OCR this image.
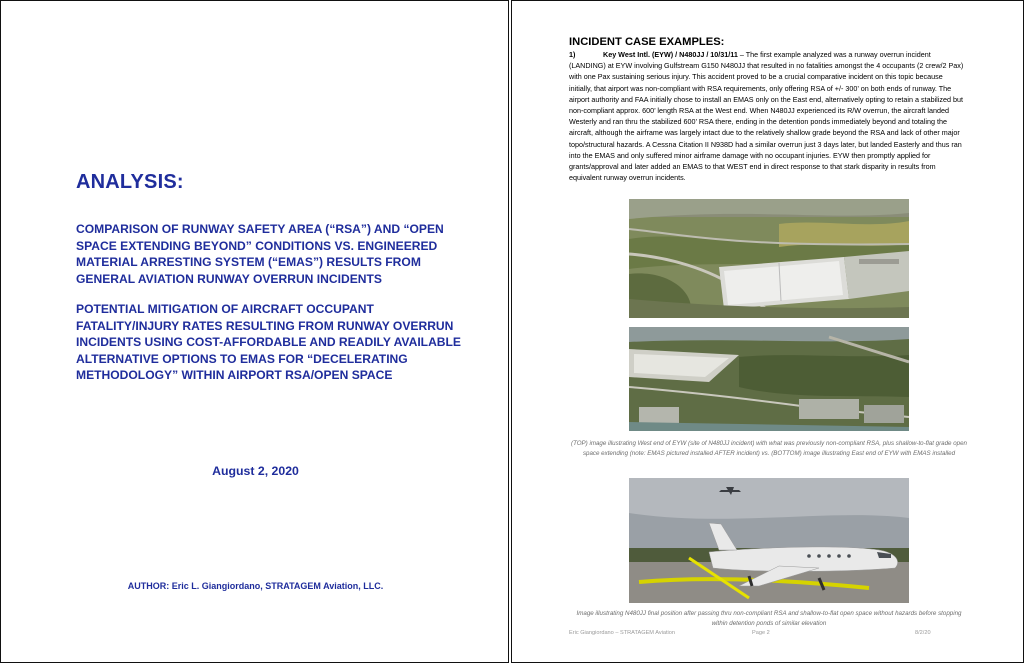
ANALYSIS:
COMPARISON OF RUNWAY SAFETY AREA (“RSA”) AND “OPEN SPACE EXTENDING BEYOND” CONDITIONS VS. ENGINEERED MATERIAL ARRESTING SYSTEM (“EMAS”) RESULTS FROM GENERAL AVIATION RUNWAY OVERRUN INCIDENTS
POTENTIAL MITIGATION OF AIRCRAFT OCCUPANT FATALITY/INJURY RATES RESULTING FROM RUNWAY OVERRUN INCIDENTS USING COST-AFFORDABLE AND READILY AVAILABLE ALTERNATIVE OPTIONS TO EMAS FOR “DECELERATING METHODOLOGY” WITHIN AIRPORT RSA/OPEN SPACE
August 2, 2020
AUTHOR: Eric L. Giangiordano, STRATAGEM Aviation, LLC.
INCIDENT CASE EXAMPLES:
1)	Key West Intl. (EYW) / N480JJ / 10/31/11 – The first example analyzed was a runway overrun incident (LANDING) at EYW involving Gulfstream G150 N480JJ that resulted in no fatalities amongst the 4 occupants (2 crew/2 Pax) with one Pax sustaining serious injury. This accident proved to be a crucial comparative incident on this topic because initially, that airport was non-compliant with RSA requirements, only offering RSA of +/- 300’ on both ends of runway. The airport authority and FAA initially chose to install an EMAS only on the East end, alternatively opting to retain a stabilized but non-compliant approx. 600’ length RSA at the West end. When N480JJ experienced its R/W overrun, the aircraft landed Westerly and ran thru the stabilized 600’ RSA there, ending in the detention ponds immediately beyond and totaling the aircraft, although the airframe was largely intact due to the relatively shallow grade beyond the RSA and lack of other major topo/structural hazards. A Cessna Citation II N938D had a similar overrun just 3 days later, but landed Easterly and thus ran into the EMAS and only suffered minor airframe damage with no occupant injuries. EYW then promptly applied for grants/approval and later added an EMAS to that WEST end in direct response to that stark disparity in results from equivalent runway overrun incidents.
(TOP) image illustrating West end of EYW (site of N480JJ incident) with what was previously non-compliant RSA, plus shallow-to-flat grade open space extending (note: EMAS pictured installed AFTER incident) vs. (BOTTOM) image illustrating East end of EYW with EMAS installed
Image illustrating N480JJ final position after passing thru non-compliant RSA and shallow-to-flat open space without hazards before stopping within detention ponds of similar elevation
Eric Giangiordano – STRATAGEM Aviation	Page 2	8/2/20
